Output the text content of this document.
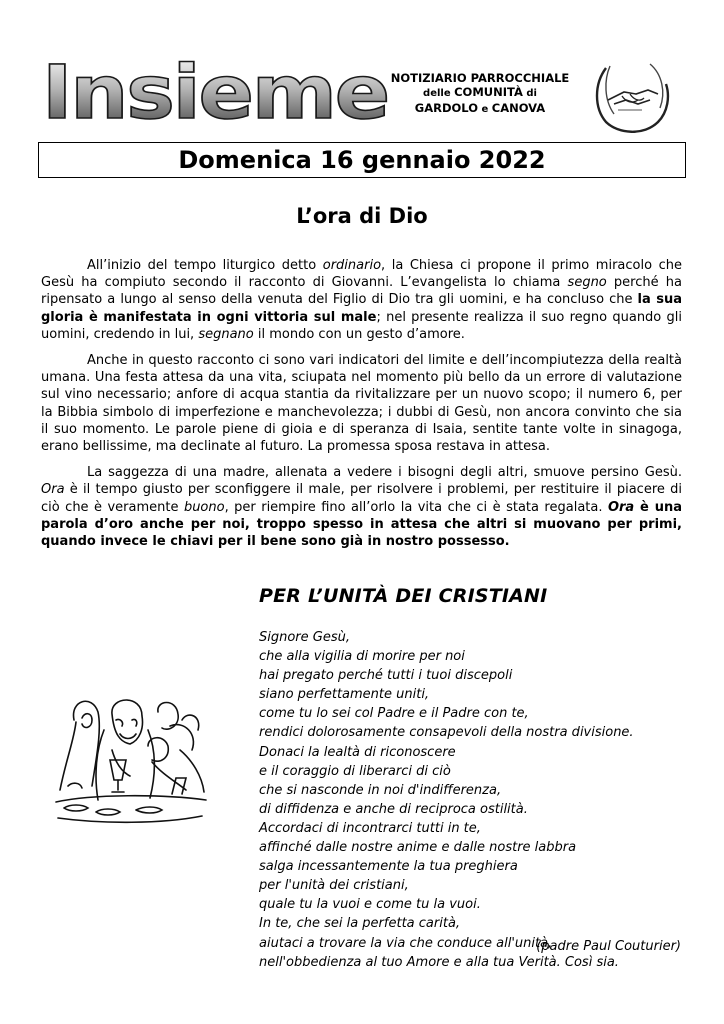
Insieme NOTIZIARIO PARROCCHIALE
delle COMUNITÀ di
GARDOLO e CANOVA
Domenica 16 gennaio 2022
L’ora di Dio

All’inizio del tempo liturgico detto ordinario, la Chiesa ci propone il primo miracolo che Gesù ha compiuto secondo il racconto di Giovanni. L’evangelista lo chiama segno perché ha ripensato a lungo al senso della venuta del Figlio di Dio tra gli uomini, e ha concluso che la sua gloria è manifestata in ogni vittoria sul male; nel presente realizza il suo regno quando gli uomini, credendo in lui, segnano il mondo con un gesto d’amore.

Anche in questo racconto ci sono vari indicatori del limite e dell’incompiutezza della realtà umana. Una festa attesa da una vita, sciupata nel momento più bello da un errore di valutazione sul vino necessario; anfore di acqua stantia da rivitalizzare per un nuovo scopo; il numero 6, per la Bibbia simbolo di imperfezione e manchevolezza; i dubbi di Gesù, non ancora convinto che sia il suo momento. Le parole piene di gioia e di speranza di Isaia, sentite tante volte in sinagoga, erano bellissime, ma declinate al futuro. La promessa sposa restava in attesa.

La saggezza di una madre, allenata a vedere i bisogni degli altri, smuove persino Gesù. Ora è il tempo giusto per sconfiggere il male, per risolvere i problemi, per restituire il piacere di ciò che è veramente buono, per riempire fino all’orlo la vita che ci è stata regalata. Ora è una parola d’oro anche per noi, troppo spesso in attesa che altri si muovano per primi, quando invece le chiavi per il bene sono già in nostro possesso.

PER L’UNITÀ DEI CRISTIANI
Signore Gesù,
che alla vigilia di morire per noi
hai pregato perché tutti i tuoi discepoli
siano perfettamente uniti,
come tu lo sei col Padre e il Padre con te,
rendici dolorosamente consapevoli della nostra divisione.
Donaci la lealtà di riconoscere
e il coraggio di liberarci di ciò
che si nasconde in noi d'indifferenza,
di diffidenza e anche di reciproca ostilità.
Accordaci di incontrarci tutti in te,
affinché dalle nostre anime e dalle nostre labbra
salga incessantemente la tua preghiera
per l'unità dei cristiani,
quale tu la vuoi e come tu la vuoi.
In te, che sei la perfetta carità,
aiutaci a trovare la via che conduce all'unità,
nell'obbedienza al tuo Amore e alla tua Verità. Così sia.
(padre Paul Couturier)
